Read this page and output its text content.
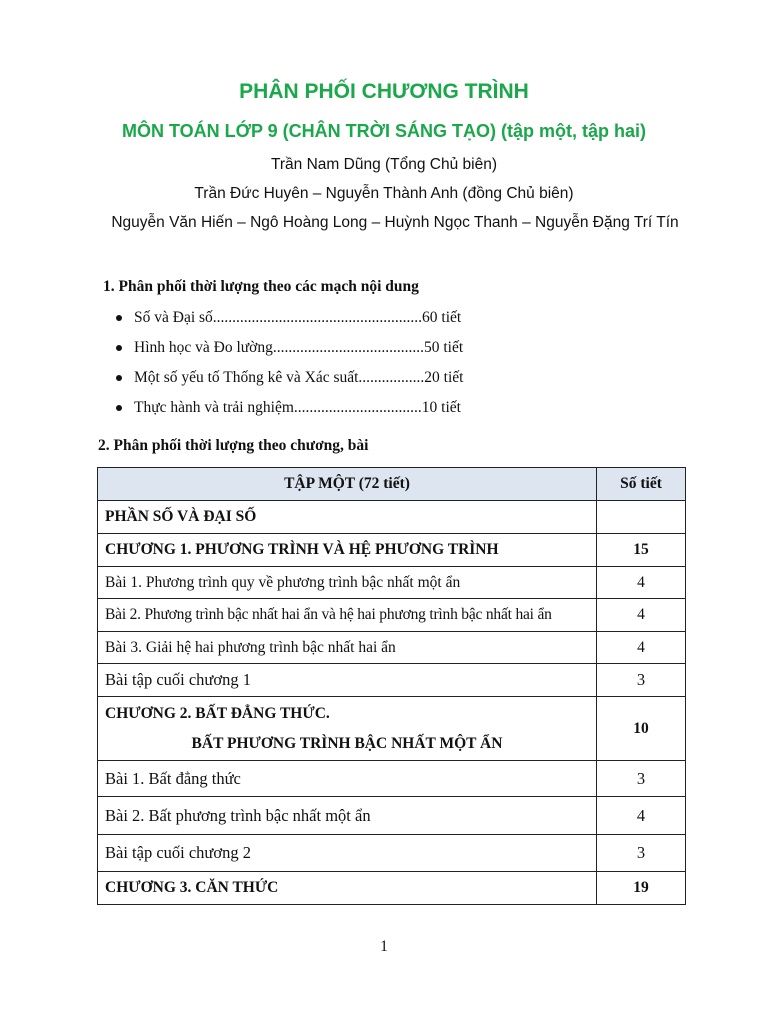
PHÂN PHỐI CHƯƠNG TRÌNH
MÔN TOÁN LỚP 9 (CHÂN TRỜI SÁNG TẠO) (tập một, tập hai)
Trần Nam Dũng (Tổng Chủ biên)
Trần Đức Huyên – Nguyễn Thành Anh (đồng Chủ biên)
Nguyễn Văn Hiến – Ngô Hoàng Long – Huỳnh Ngọc Thanh – Nguyễn Đặng Trí Tín
1. Phân phối thời lượng theo các mạch nội dung
Số và Đại số......................................................60 tiết
Hình học và Đo lường.......................................50 tiết
Một số yếu tố Thống kê và Xác suất.................20 tiết
Thực hành và trải nghiệm.................................10 tiết
2. Phân phối thời lượng theo chương, bài
TẬP MỘT (72 tiết)	Số tiết
PHẦN SỐ VÀ ĐẠI SỐ	
CHƯƠNG 1. PHƯƠNG TRÌNH VÀ HỆ PHƯƠNG TRÌNH	15
Bài 1. Phương trình quy về phương trình bậc nhất một ẩn	4
Bài 2. Phương trình bậc nhất hai ẩn và hệ hai phương trình bậc nhất hai ẩn	4
Bài 3. Giải hệ hai phương trình bậc nhất hai ẩn	4
Bài tập cuối chương 1	3

CHƯƠNG 2. BẤT ĐẲNG THỨC.
BẤT PHƯƠNG TRÌNH BẬC NHẤT MỘT ẨN	10
Bài 1. Bất đẳng thức	3
Bài 2. Bất phương trình bậc nhất một ẩn	4
Bài tập cuối chương 2	3
CHƯƠNG 3. CĂN THỨC	19
1
